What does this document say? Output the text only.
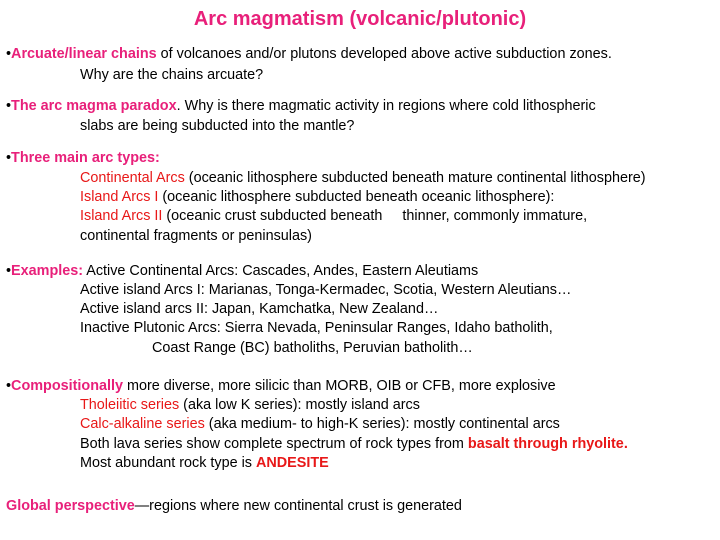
Arc magmatism (volcanic/plutonic)
•Arcuate/linear chains of volcanoes and/or plutons developed above active subduction zones.
Why are the chains arcuate?
•The arc magma paradox. Why is there magmatic activity in regions where cold lithospheric
slabs are being subducted into the mantle?
•Three main arc types:
Continental Arcs (oceanic lithosphere subducted beneath mature continental lithosphere)
Island Arcs I (oceanic lithosphere subducted beneath oceanic lithosphere):
Island Arcs II (oceanic crust subducted beneath     thinner, commonly immature,
continental fragments or peninsulas)
•Examples: Active Continental Arcs: Cascades, Andes, Eastern Aleutiams
Active island Arcs I: Marianas, Tonga-Kermadec, Scotia, Western Aleutians…
Active island arcs II: Japan, Kamchatka, New Zealand…
Inactive Plutonic Arcs: Sierra Nevada, Peninsular Ranges, Idaho batholith,
Coast Range (BC) batholiths, Peruvian batholith…
•Compositionally more diverse, more silicic than MORB, OIB or CFB, more explosive
Tholeiitic series (aka low K series): mostly island arcs
Calc-alkaline series (aka medium- to high-K series): mostly continental arcs
Both lava series show complete spectrum of rock types from basalt through rhyolite.
Most abundant rock type is ANDESITE
Global perspective—regions where new continental crust is generated
